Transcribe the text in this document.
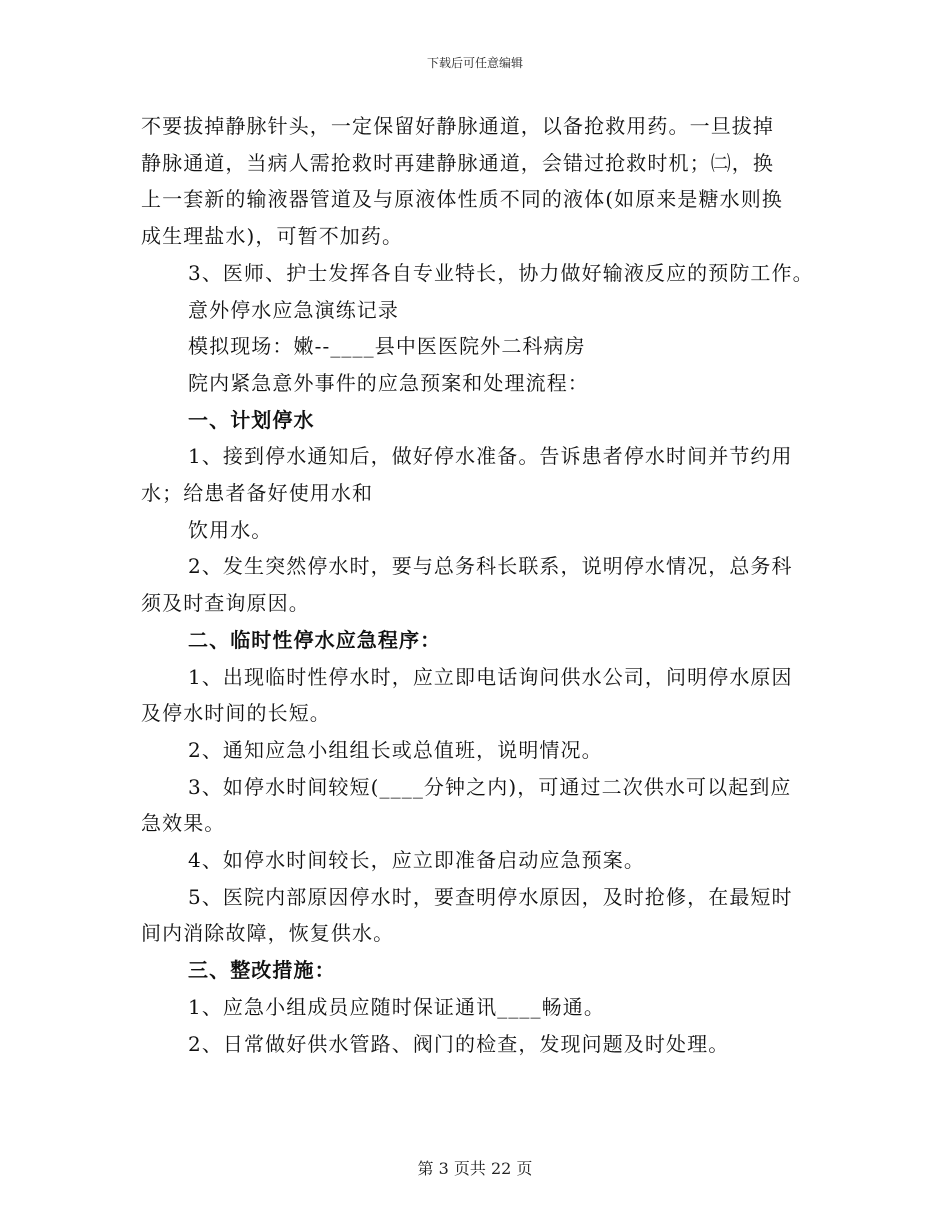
下载后可任意编辑
不要拔掉静脉针头，一定保留好静脉通道，以备抢救用药。一旦拔掉
静脉通道，当病人需抢救时再建静脉通道，会错过抢救时机；㈡，换
上一套新的输液器管道及与原液体性质不同的液体(如原来是糖水则换
成生理盐水)，可暂不加药。
3、医师、护士发挥各自专业特长，协力做好输液反应的预防工作。
意外停水应急演练记录
模拟现场：嫩--____县中医医院外二科病房
院内紧急意外事件的应急预案和处理流程：
一、计划停水
1、接到停水通知后，做好停水准备。告诉患者停水时间并节约用
水；给患者备好使用水和
饮用水。
2、发生突然停水时，要与总务科长联系，说明停水情况，总务科
须及时查询原因。
二、临时性停水应急程序：
1、出现临时性停水时，应立即电话询问供水公司，问明停水原因
及停水时间的长短。
2、通知应急小组组长或总值班，说明情况。
3、如停水时间较短(____分钟之内)，可通过二次供水可以起到应
急效果。
4、如停水时间较长，应立即准备启动应急预案。
5、医院内部原因停水时，要查明停水原因，及时抢修，在最短时
间内消除故障，恢复供水。
三、整改措施：
1、应急小组成员应随时保证通讯____畅通。
2、日常做好供水管路、阀门的检查，发现问题及时处理。
第 3 页共 22 页
